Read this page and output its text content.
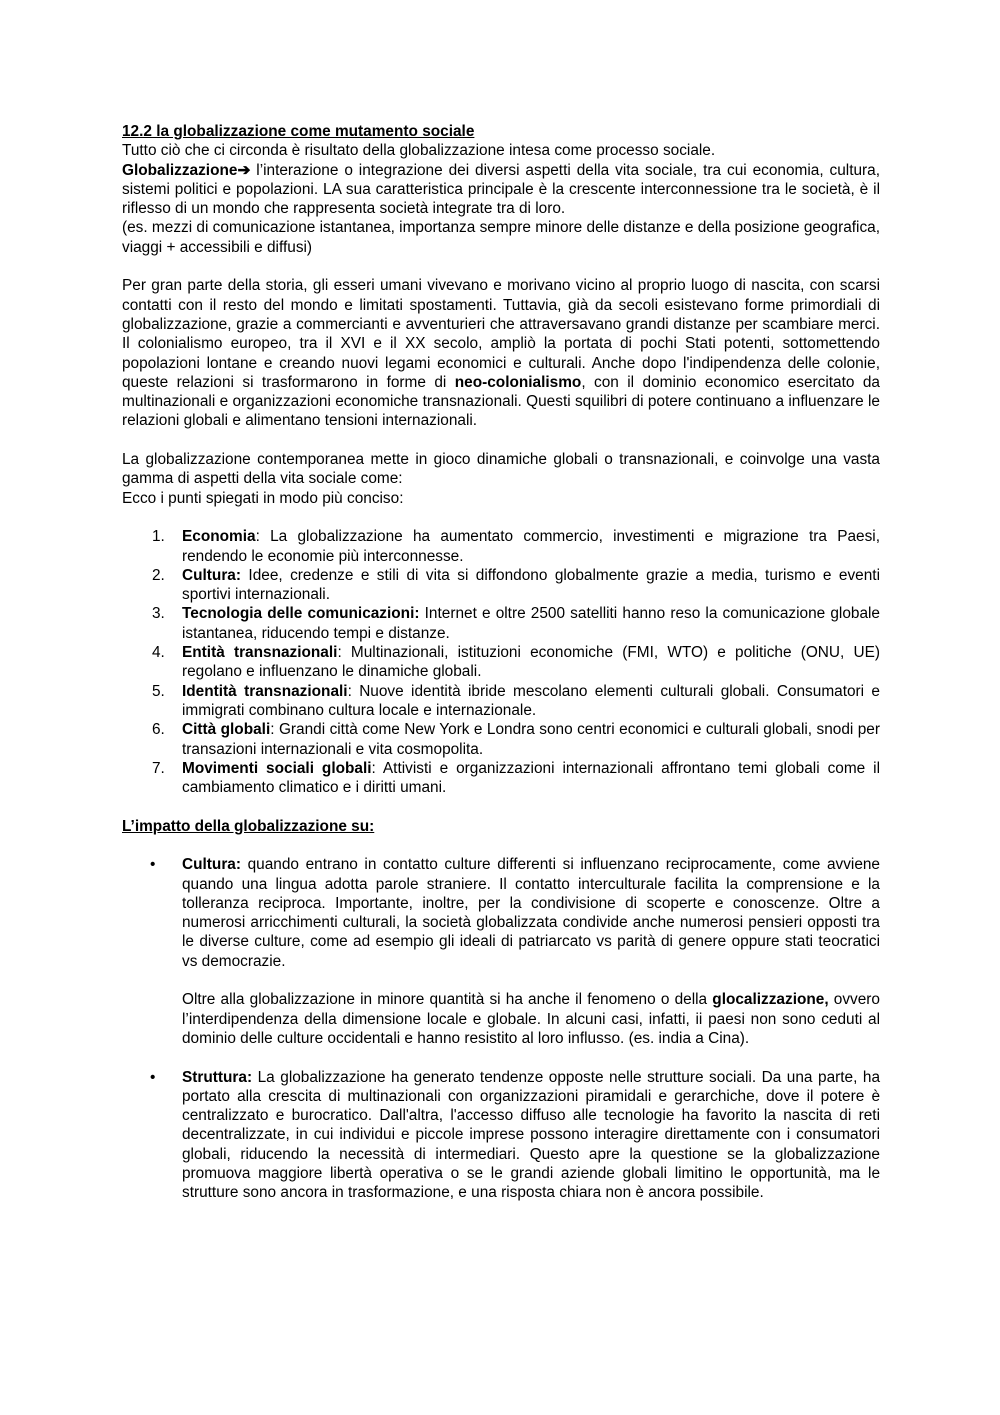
12.2 la globalizzazione come mutamento sociale

Tutto ciò che ci circonda è risultato della globalizzazione intesa come processo sociale.

Globalizzazione➔ l’interazione o integrazione dei diversi aspetti della vita sociale, tra cui economia, cultura, sistemi politici e popolazioni. LA sua caratteristica principale è la crescente interconnessione tra le società, è il riflesso di un mondo che rappresenta società integrate tra di loro.

(es. mezzi di comunicazione istantanea, importanza sempre minore delle distanze e della posizione geografica, viaggi + accessibili e diffusi)

Per gran parte della storia, gli esseri umani vivevano e morivano vicino al proprio luogo di nascita, con scarsi contatti con il resto del mondo e limitati spostamenti. Tuttavia, già da secoli esistevano forme primordiali di globalizzazione, grazie a commercianti e avventurieri che attraversavano grandi distanze per scambiare merci. Il colonialismo europeo, tra il XVI e il XX secolo, ampliò la portata di pochi Stati potenti, sottomettendo popolazioni lontane e creando nuovi legami economici e culturali. Anche dopo l'indipendenza delle colonie, queste relazioni si trasformarono in forme di neo-colonialismo, con il dominio economico esercitato da multinazionali e organizzazioni economiche transnazionali. Questi squilibri di potere continuano a influenzare le relazioni globali e alimentano tensioni internazionali.

La globalizzazione contemporanea mette in gioco dinamiche globali o transnazionali, e coinvolge una vasta gamma di aspetti della vita sociale come:

Ecco i punti spiegati in modo più conciso:

1. Economia: La globalizzazione ha aumentato commercio, investimenti e migrazione tra Paesi, rendendo le economie più interconnesse.
2. Cultura: Idee, credenze e stili di vita si diffondono globalmente grazie a media, turismo e eventi sportivi internazionali.
3. Tecnologia delle comunicazioni: Internet e oltre 2500 satelliti hanno reso la comunicazione globale istantanea, riducendo tempi e distanze.
4. Entità transnazionali: Multinazionali, istituzioni economiche (FMI, WTO) e politiche (ONU, UE) regolano e influenzano le dinamiche globali.
5. Identità transnazionali: Nuove identità ibride mescolano elementi culturali globali. Consumatori e immigrati combinano cultura locale e internazionale.
6. Città globali: Grandi città come New York e Londra sono centri economici e culturali globali, snodi per transazioni internazionali e vita cosmopolita.
7. Movimenti sociali globali: Attivisti e organizzazioni internazionali affrontano temi globali come il cambiamento climatico e i diritti umani.

L’impatto della globalizzazione su:

• Cultura: quando entrano in contatto culture differenti si influenzano reciprocamente, come avviene quando una lingua adotta parole straniere. Il contatto interculturale facilita la comprensione e la tolleranza reciproca. Importante, inoltre, per la condivisione di scoperte e conoscenze. Oltre a numerosi arricchimenti culturali, la società globalizzata condivide anche numerosi pensieri opposti tra le diverse culture, come ad esempio gli ideali di patriarcato vs parità di genere oppure stati teocratici vs democrazie.

Oltre alla globalizzazione in minore quantità si ha anche il fenomeno o della glocalizzazione, ovvero l’interdipendenza della dimensione locale e globale. In alcuni casi, infatti, ii paesi non sono ceduti al dominio delle culture occidentali e hanno resistito al loro influsso. (es. india a Cina).

• Struttura: La globalizzazione ha generato tendenze opposte nelle strutture sociali. Da una parte, ha portato alla crescita di multinazionali con organizzazioni piramidali e gerarchiche, dove il potere è centralizzato e burocratico. Dall'altra, l'accesso diffuso alle tecnologie ha favorito la nascita di reti decentralizzate, in cui individui e piccole imprese possono interagire direttamente con i consumatori globali, riducendo la necessità di intermediari. Questo apre la questione se la globalizzazione promuova maggiore libertà operativa o se le grandi aziende globali limitino le opportunità, ma le strutture sono ancora in trasformazione, e una risposta chiara non è ancora possibile.
